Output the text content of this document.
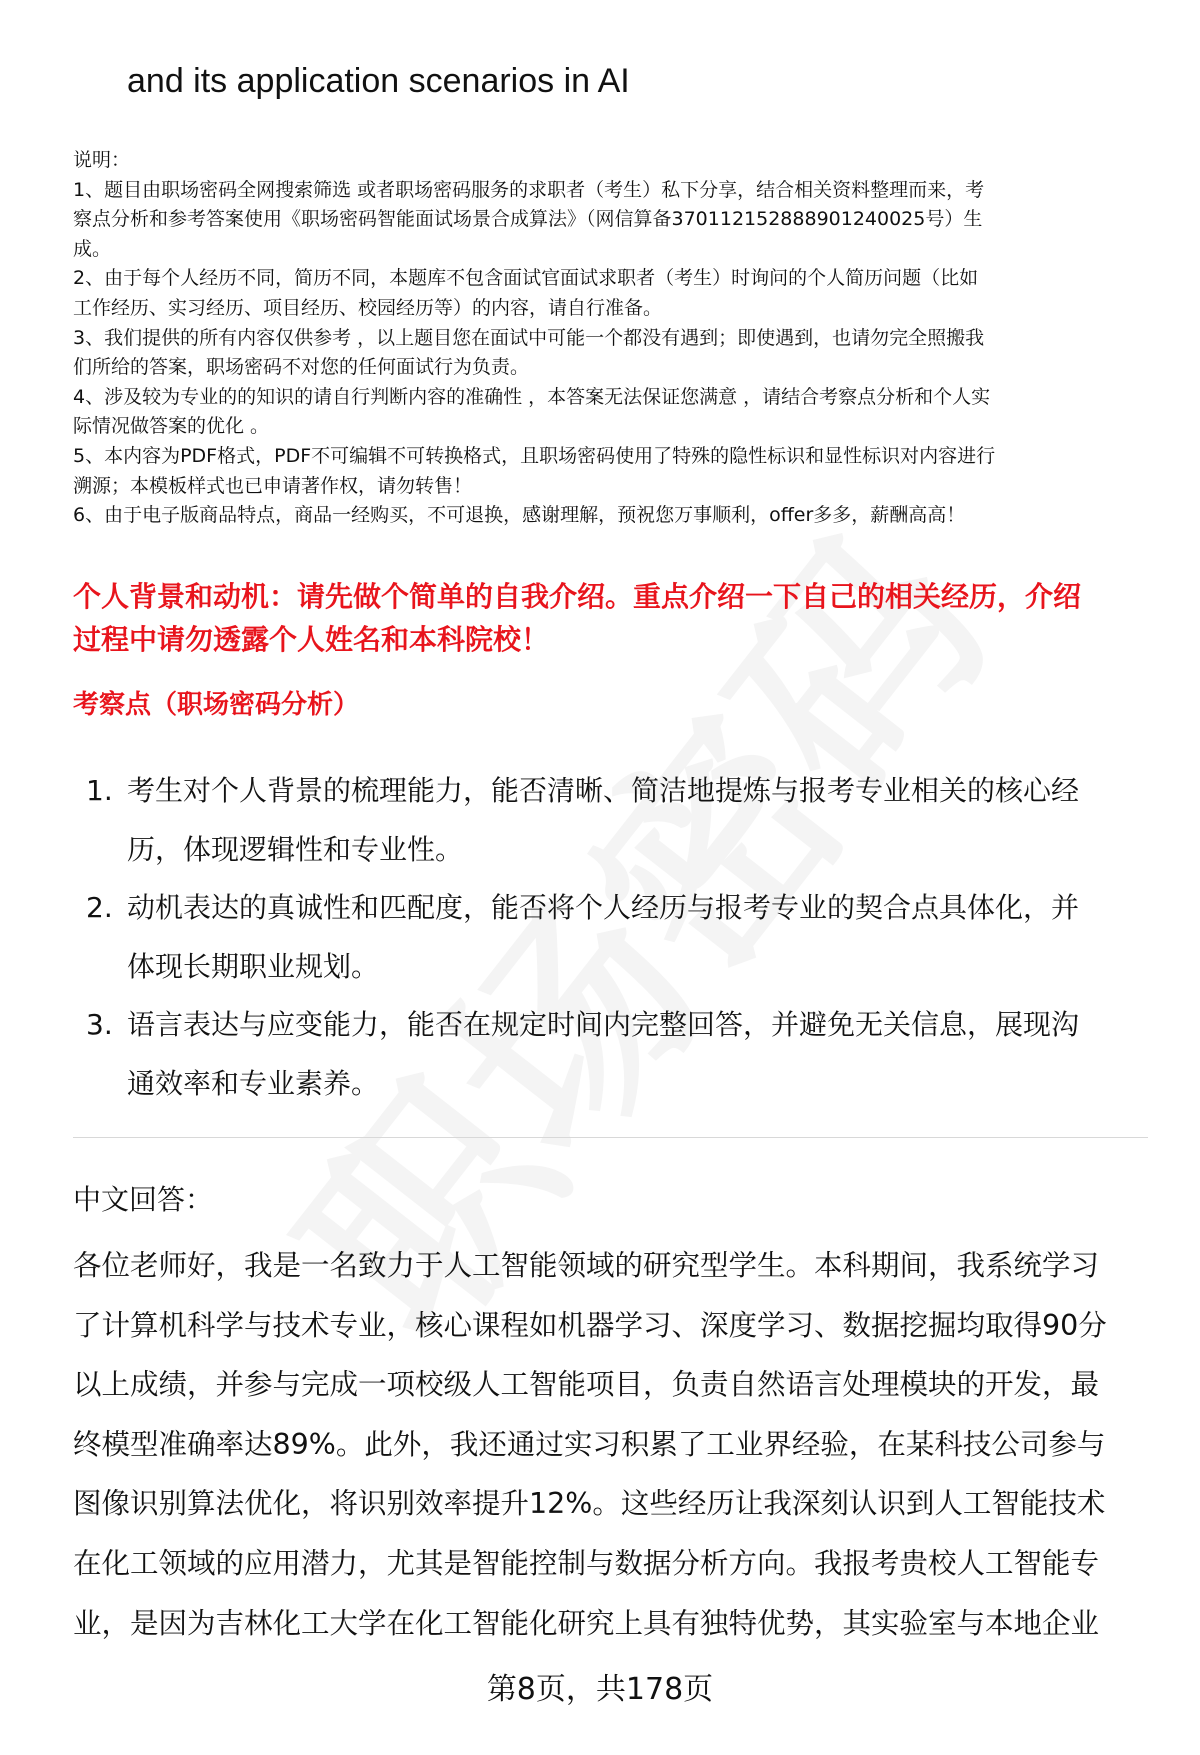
and its application scenarios in AI
说明：
1、题目由职场密码全网搜索筛选 或者职场密码服务的求职者（考生）私下分享，结合相关资料整理而来，考
察点分析和参考答案使用《职场密码智能面试场景合成算法》（网信算备370112152888901240025号）生
成。
2、由于每个人经历不同，简历不同，本题库不包含面试官面试求职者（考生）时询问的个人简历问题（比如
工作经历、实习经历、项目经历、校园经历等）的内容，请自行准备。
3、我们提供的所有内容仅供参考 ，以上题目您在面试中可能一个都没有遇到；即使遇到，也请勿完全照搬我
们所给的答案，职场密码不对您的任何面试行为负责。
4、涉及较为专业的的知识的请自行判断内容的准确性 ，本答案无法保证您满意 ，请结合考察点分析和个人实
际情况做答案的优化 。
5、本内容为PDF格式，PDF不可编辑不可转换格式，且职场密码使用了特殊的隐性标识和显性标识对内容进行
溯源；本模板样式也已申请著作权，请勿转售！
6、由于电子版商品特点，商品一经购买，不可退换，感谢理解，预祝您万事顺利，offer多多，薪酬高高！
个人背景和动机：请先做个简单的自我介绍。重点介绍一下自己的相关经历，介绍
过程中请勿透露个人姓名和本科院校！
考察点（职场密码分析）
1. 考生对个人背景的梳理能力，能否清晰、简洁地提炼与报考专业相关的核心经
历，体现逻辑性和专业性。
2. 动机表达的真诚性和匹配度，能否将个人经历与报考专业的契合点具体化，并
体现长期职业规划。
3. 语言表达与应变能力，能否在规定时间内完整回答，并避免无关信息，展现沟
通效率和专业素养。
中文回答：
各位老师好，我是一名致力于人工智能领域的研究型学生。本科期间，我系统学习
了计算机科学与技术专业，核心课程如机器学习、深度学习、数据挖掘均取得90分
以上成绩，并参与完成一项校级人工智能项目，负责自然语言处理模块的开发，最
终模型准确率达89%。此外，我还通过实习积累了工业界经验，在某科技公司参与
图像识别算法优化，将识别效率提升12%。这些经历让我深刻认识到人工智能技术
在化工领域的应用潜力，尤其是智能控制与数据分析方向。我报考贵校人工智能专
业，是因为吉林化工大学在化工智能化研究上具有独特优势，其实验室与本地企业
第8页，共178页
